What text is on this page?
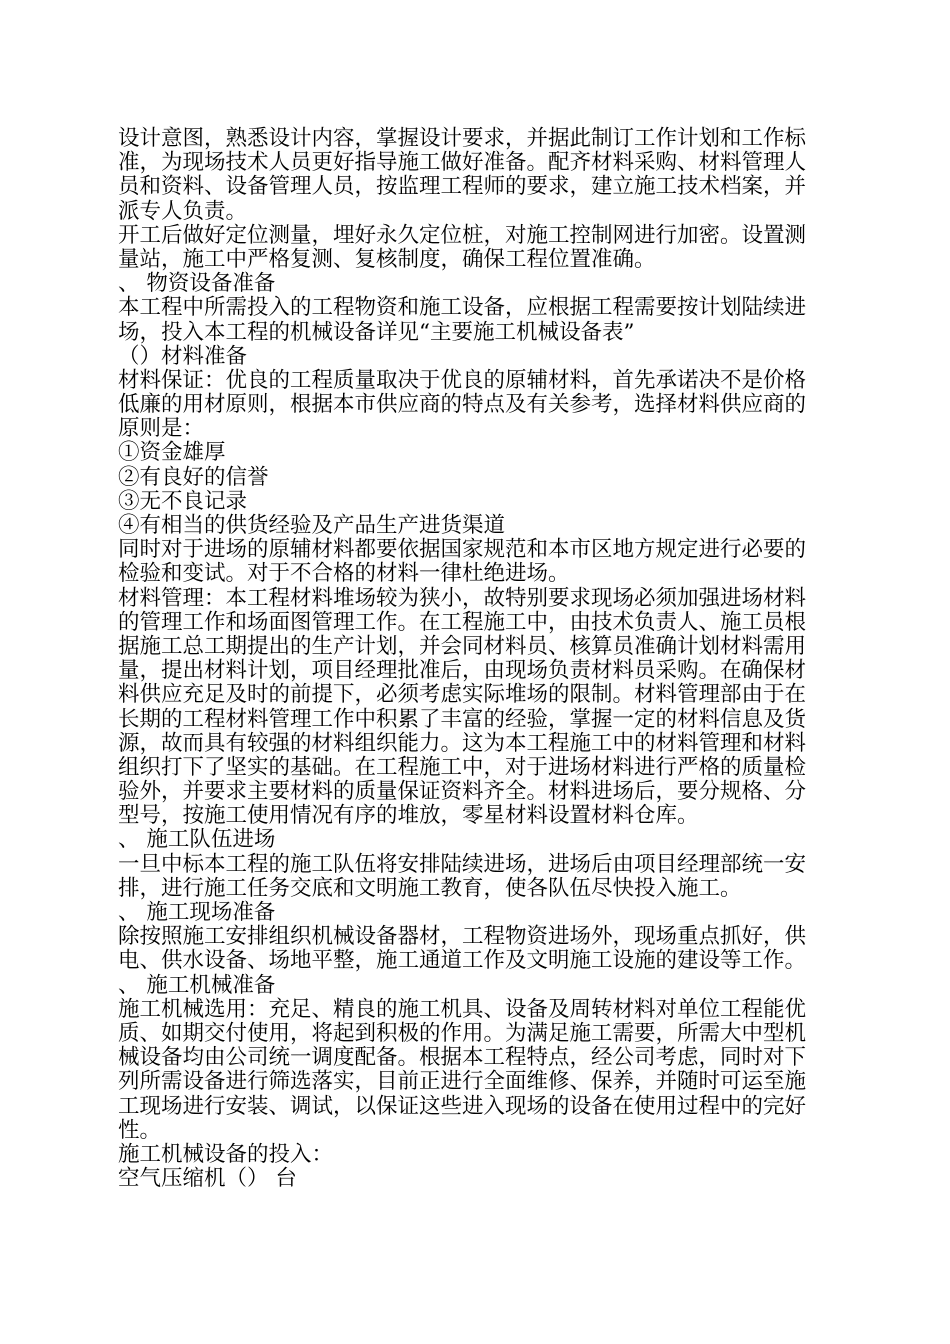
设计意图，熟悉设计内容，掌握设计要求，并据此制订工作计划和工作标
准，为现场技术人员更好指导施工做好准备。配齐材料采购、材料管理人
员和资料、设备管理人员，按监理工程师的要求，建立施工技术档案，并
派专人负责。
开工后做好定位测量，埋好永久定位桩，对施工控制网进行加密。设置测
量站，施工中严格复测、复核制度，确保工程位置准确。
、 物资设备准备
本工程中所需投入的工程物资和施工设备，应根据工程需要按计划陆续进
场，投入本工程的机械设备详见“主要施工机械设备表”
（）材料准备
材料保证：优良的工程质量取决于优良的原辅材料，首先承诺决不是价格
低廉的用材原则，根据本市供应商的特点及有关参考，选择材料供应商的
原则是：
①资金雄厚
②有良好的信誉
③无不良记录
④有相当的供货经验及产品生产进货渠道
同时对于进场的原辅材料都要依据国家规范和本市区地方规定进行必要的
检验和变试。对于不合格的材料一律杜绝进场。
材料管理：本工程材料堆场较为狭小，故特别要求现场必须加强进场材料
的管理工作和场面图管理工作。在工程施工中，由技术负责人、施工员根
据施工总工期提出的生产计划，并会同材料员、核算员准确计划材料需用
量，提出材料计划，项目经理批准后，由现场负责材料员采购。在确保材
料供应充足及时的前提下，必须考虑实际堆场的限制。材料管理部由于在
长期的工程材料管理工作中积累了丰富的经验，掌握一定的材料信息及货
源，故而具有较强的材料组织能力。这为本工程施工中的材料管理和材料
组织打下了坚实的基础。在工程施工中，对于进场材料进行严格的质量检
验外，并要求主要材料的质量保证资料齐全。材料进场后，要分规格、分
型号，按施工使用情况有序的堆放，零星材料设置材料仓库。
、 施工队伍进场
一旦中标本工程的施工队伍将安排陆续进场，进场后由项目经理部统一安
排，进行施工任务交底和文明施工教育，使各队伍尽快投入施工。
、 施工现场准备
除按照施工安排组织机械设备器材，工程物资进场外，现场重点抓好，供
电、供水设备、场地平整，施工通道工作及文明施工设施的建设等工作。
、 施工机械准备
施工机械选用：充足、精良的施工机具、设备及周转材料对单位工程能优
质、如期交付使用，将起到积极的作用。为满足施工需要，所需大中型机
械设备均由公司统一调度配备。根据本工程特点，经公司考虑，同时对下
列所需设备进行筛选落实，目前正进行全面维修、保养，并随时可运至施
工现场进行安装、调试，以保证这些进入现场的设备在使用过程中的完好
性。
施工机械设备的投入：
空气压缩机（） 台
